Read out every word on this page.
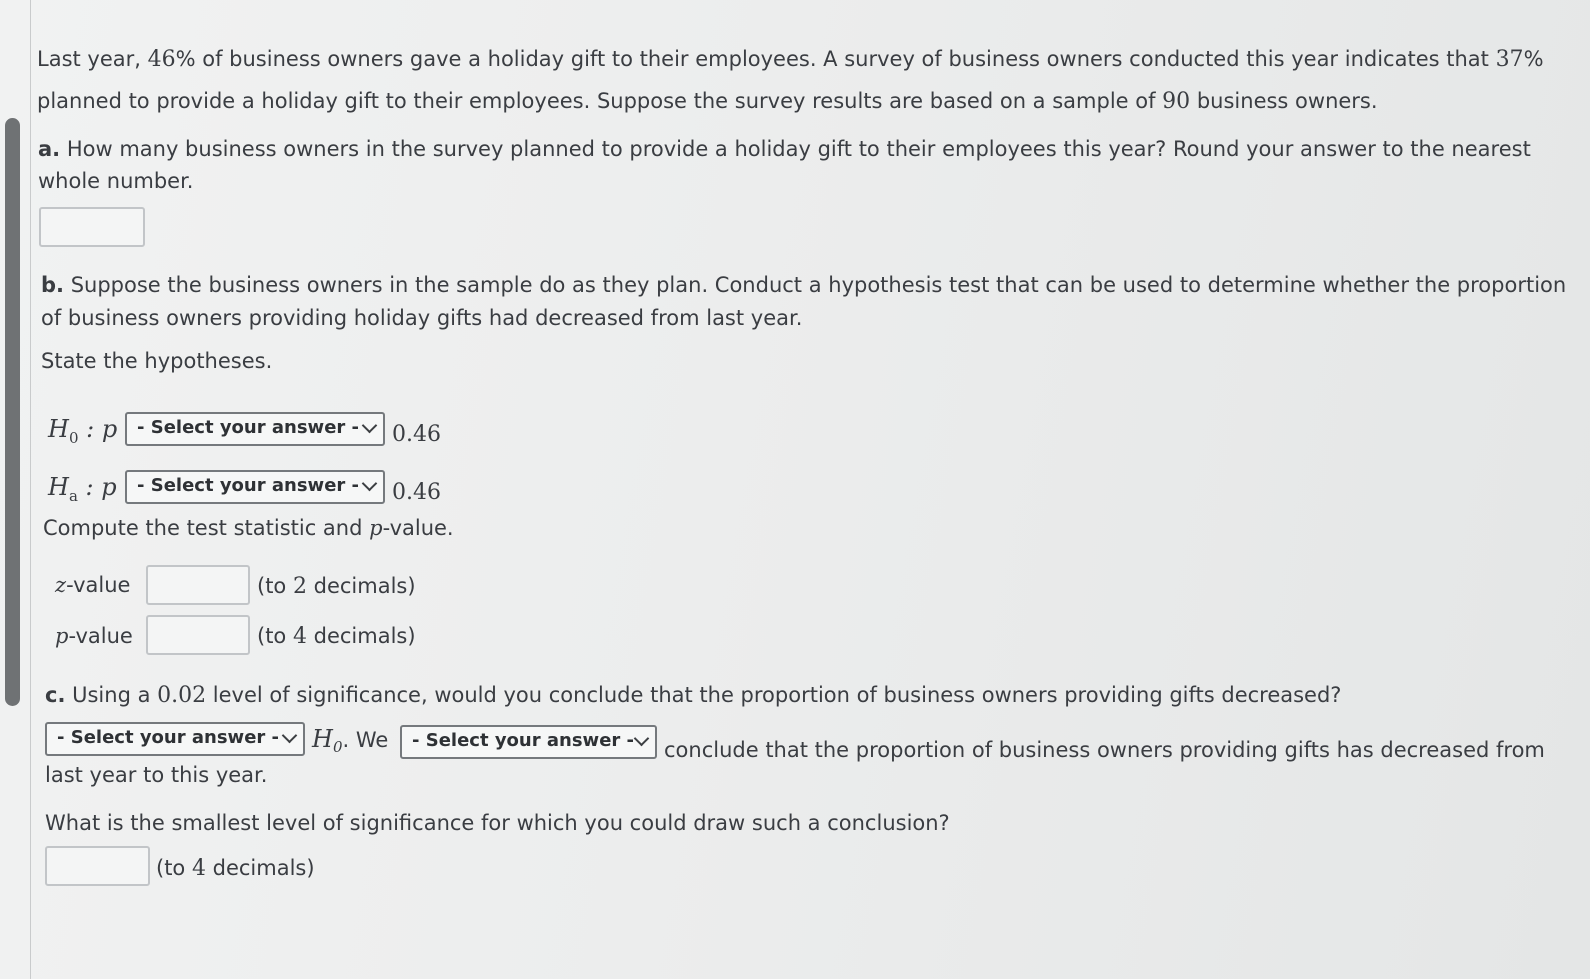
Last year, 46% of business owners gave a holiday gift to their employees. A survey of business owners conducted this year indicates that 37%
planned to provide a holiday gift to their employees. Suppose the survey results are based on a sample of 90 business owners.
a. How many business owners in the survey planned to provide a holiday gift to their employees this year? Round your answer to the nearest
whole number.
b. Suppose the business owners in the sample do as they plan. Conduct a hypothesis test that can be used to determine whether the proportion
of business owners providing holiday gifts had decreased from last year.
State the hypotheses.
$H_0$ : p	- Select your answer -	0.46
$H_a$ : p	- Select your answer -	0.46
Compute the test statistic and p-value.
z-value	(to 2 decimals)
p-value	(to 4 decimals)
c. Using a 0.02 level of significance, would you conclude that the proportion of business owners providing gifts decreased?
- Select your answer -	$H_0$. We	- Select your answer -	conclude that the proportion of business owners providing gifts has decreased from
last year to this year.
What is the smallest level of significance for which you could draw such a conclusion?
(to 4 decimals)
